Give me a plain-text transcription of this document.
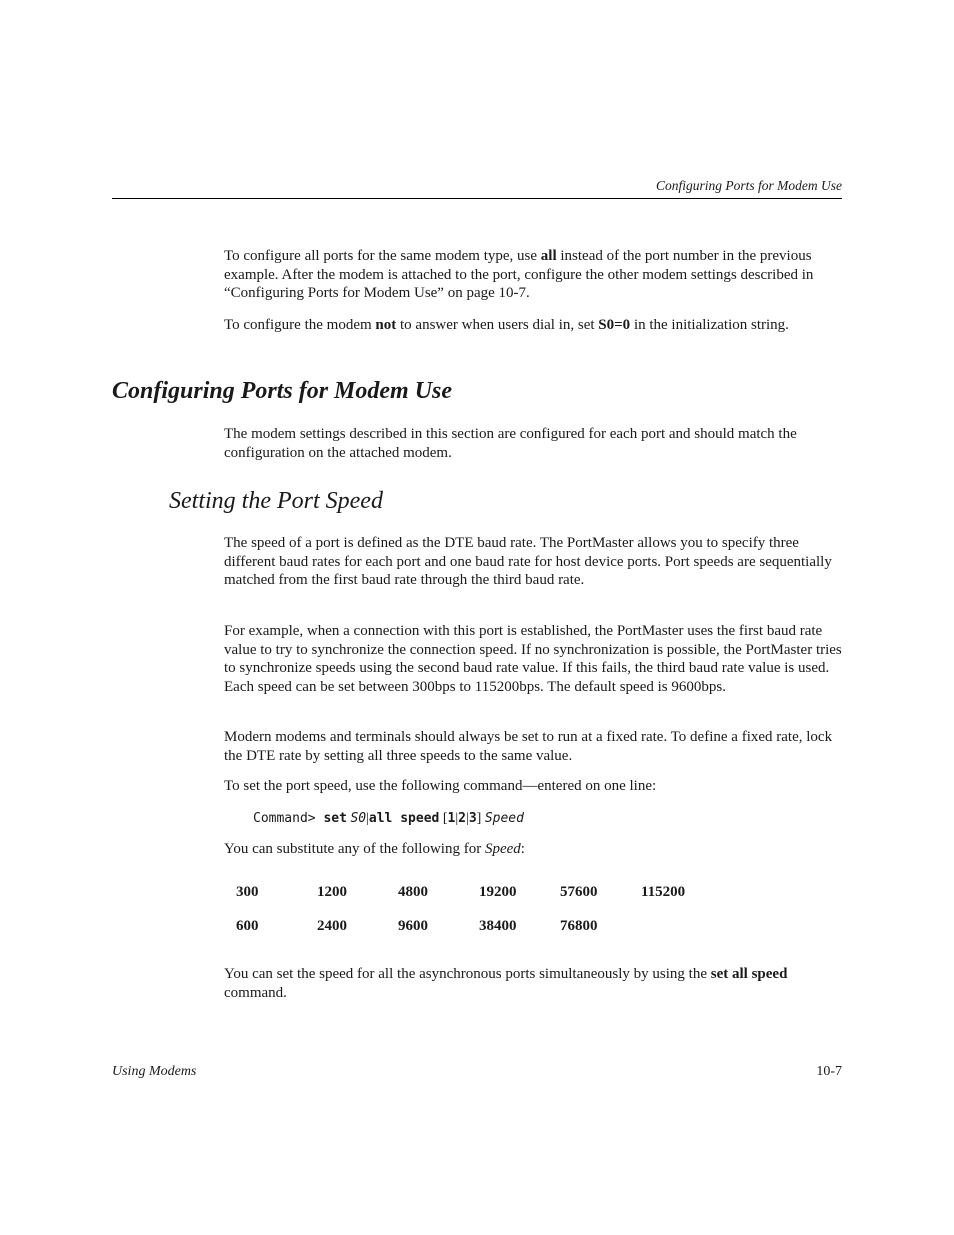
Configuring Ports for Modem Use

To configure all ports for the same modem type, use all instead of the port number in the previous example. After the modem is attached to the port, configure the other modem settings described in “Configuring Ports for Modem Use” on page 10-7.

To configure the modem not to answer when users dial in, set S0=0 in the initialization string.

Configuring Ports for Modem Use

The modem settings described in this section are configured for each port and should match the configuration on the attached modem.

Setting the Port Speed

The speed of a port is defined as the DTE baud rate. The PortMaster allows you to specify three different baud rates for each port and one baud rate for host device ports. Port speeds are sequentially matched from the first baud rate through the third baud rate.

For example, when a connection with this port is established, the PortMaster uses the first baud rate value to try to synchronize the connection speed. If no synchronization is possible, the PortMaster tries to synchronize speeds using the second baud rate value. If this fails, the third baud rate value is used. Each speed can be set between 300bps to 115200bps. The default speed is 9600bps.

Modern modems and terminals should always be set to run at a fixed rate. To define a fixed rate, lock the DTE rate by setting all three speeds to the same value.

To set the port speed, use the following command—entered on one line:

Command> set S0|all speed [1|2|3] Speed

You can substitute any of the following for Speed:

300	1200	4800	19200	57600	115200
600	2400	9600	38400	76800	

You can set the speed for all the asynchronous ports simultaneously by using the set all speed command.

Using Modems	10-7
